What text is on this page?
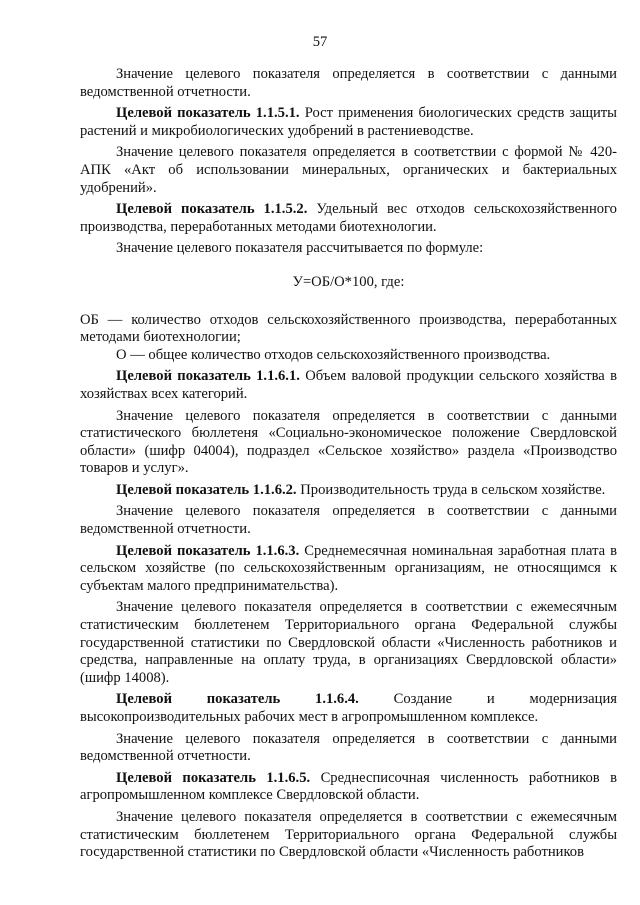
57

Значение целевого показателя определяется в соответствии с данными ведомственной отчетности.

Целевой показатель 1.1.5.1. Рост применения биологических средств защиты растений и микробиологических удобрений в растениеводстве.

Значение целевого показателя определяется в соответствии с формой № 420-АПК «Акт об использовании минеральных, органических и бактериальных удобрений».

Целевой показатель 1.1.5.2. Удельный вес отходов сельскохозяйственного производства, переработанных методами биотехнологии.

Значение целевого показателя рассчитывается по формуле:

У=ОБ/О*100, где:

ОБ — количество отходов сельскохозяйственного производства, переработанных методами биотехнологии;

О — общее количество отходов сельскохозяйственного производства.

Целевой показатель 1.1.6.1. Объем валовой продукции сельского хозяйства в хозяйствах всех категорий.

Значение целевого показателя определяется в соответствии с данными статистического бюллетеня «Социально-экономическое положение Свердловской области» (шифр 04004), подраздел «Сельское хозяйство» раздела «Производство товаров и услуг».

Целевой показатель 1.1.6.2. Производительность труда в сельском хозяйстве.

Значение целевого показателя определяется в соответствии с данными ведомственной отчетности.

Целевой показатель 1.1.6.3. Среднемесячная номинальная заработная плата в сельском хозяйстве (по сельскохозяйственным организациям, не относящимся к субъектам малого предпринимательства).

Значение целевого показателя определяется в соответствии с ежемесячным статистическим бюллетенем Территориального органа Федеральной службы государственной статистики по Свердловской области «Численность работников и средства, направленные на оплату труда, в организациях Свердловской области» (шифр 14008).

Целевой показатель 1.1.6.4. Создание и модернизация высокопроизводительных рабочих мест в агропромышленном комплексе.

Значение целевого показателя определяется в соответствии с данными ведомственной отчетности.

Целевой показатель 1.1.6.5. Среднесписочная численность работников в агропромышленном комплексе Свердловской области.

Значение целевого показателя определяется в соответствии с ежемесячным статистическим бюллетенем Территориального органа Федеральной службы государственной статистики по Свердловской области «Численность работников
